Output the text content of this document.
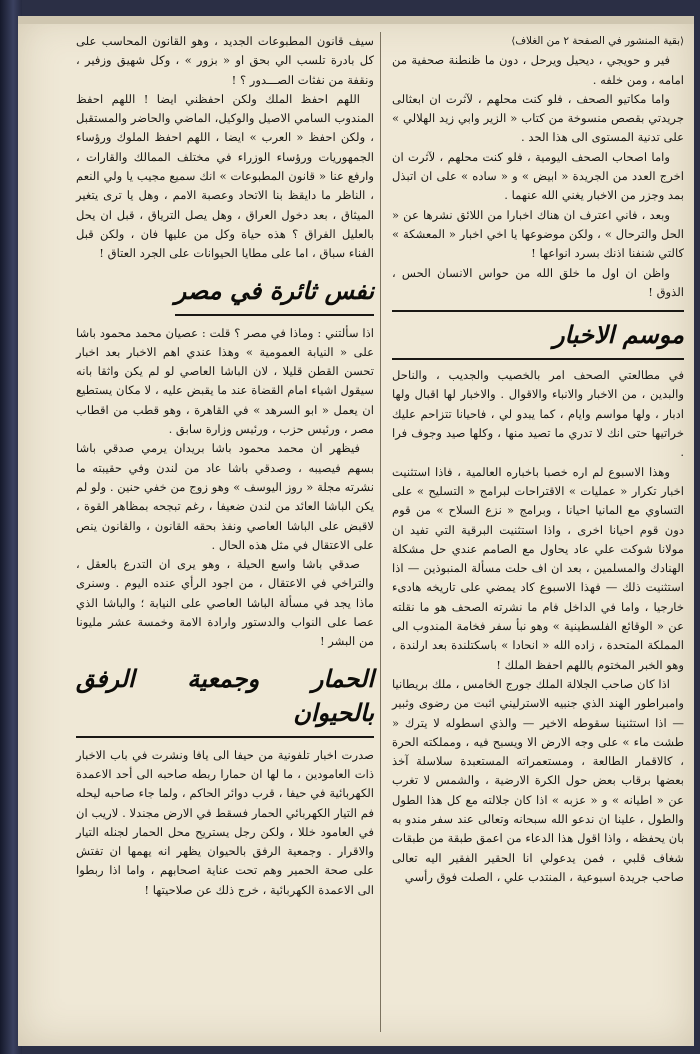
⟨بقية المنشور في الصفحة ٢ من الغلاف⟩

فير و حويجي ، ديحيل ويرحل ، دون ما ظنطنة صحفية من امامه ، ومن خلفه .

واما مكاتيو الصحف ، فلو كنت محلهم ، لآثرت ان ابعثالى جريدتي بقصص منسوخة من كتاب « الزير وابي زيد الهلالي » على تدنية المستوى الى هذا الحد .

واما اصحاب الصحف اليومية ، فلو كنت محلهم ، لآثرت ان اخرج العدد من الجريدة « ابيض » و « ساده » على ان اتبذل بمد وجزر من الاخبار يغني الله عنهما .

وبعد ، فاني اعترف ان هناك اخبارا من اللائق نشرها عن « الحل والترحال » ، ولكن موضوعها يا اخي اخبار « المعشكة » كالتي شنفنا اذنك بسرد انواعها !

واظن ان اول ما خلق الله من حواس الانسان الحس ، الذوق !

موسم الاخبار

في مطالعتي الصحف امر بالخصيب والجديب ، والناحل والبدين ، من الاخبار والانباء والاقوال . والاخبار لها اقبال ولها ادبار ، ولها مواسم وايام ، كما يبدو لي ، فاحيانا تتزاحم عليك خراتيها حتى انك لا تدري ما تصيد منها ، وكلها صيد وجوف فرا .

وهذا الاسبوع لم اره خصبا باخباره العالمية ، فاذا استثنيت اخبار تكرار « عمليات » الاقتراحات لبرامج « التسليح » على التساوي مع المانيا احيانا ، وبرامج « نزع السلاح » من قوم دون قوم احيانا اخرى ، واذا استثنيت البرقية التي تفيد ان مولانا شوكت علي عاد يحاول مع الصامم عندي حل مشكلة الهنادك والمسلمين ، بعد ان اف حلت مسألة المنبوذين — اذا استثنيت ذلك — فهذا الاسبوع كاد يمضي على تاريخه هادىء خارجيا ، واما في الداخل فام ما نشرته الصحف هو ما نقلته عن « الوقائع الفلسطينية » وهو نبأ سفر فخامة المندوب الى المملكة المتحدة ، زاده الله « انحادا » باسكتلندة بعد ارلندة ، وهو الخبر المختوم باللهم احفظ الملك !

اذا كان صاحب الجلالة الملك جورج الخامس ، ملك بريطانيا وامبراطور الهند الذي جنبيه الاسترليني اثبت من رضوى وثبير — اذا استثنينا سقوطه الاخير — والذي اسطوله لا يترك « طشت ماء » على وجه الارض الا ويسبح فيه ، ومملكته الحرة ، كالاقمار الطالعة ، ومستعمراته المستعبدة سلاسلة آخذ بعضها برقاب بعض حول الكرة الارضية ، والشمس لا تغرب عن « اطيانه » و « عزبه » اذا كان جلالته مع كل هذا الطول والطول ، علينا ان ندعو الله سبحانه وتعالى عند سفر مندو به بان يحفظه ، واذا اقول هذا الدعاء من اعمق طبقة من طبقات شغاف قلبي ، فمن يدعولي انا الحقير الفقير اليه تعالى صاحب جريدة اسبوعية ، المنتدب علي ، الصلت فوق رأسي

سيف قانون المطبوعات الجديد ، وهو القانون المحاسب على كل بادرة تلسب الي بحق او « بزور » ، وكل شهيق وزفير ، ونقفة من نفثات الصـــدور ؟ !

اللهم احفظ الملك ولكن احفظني ايضا ! اللهم احفظ المندوب السامي الاصيل والوكيل، الماضي والحاضر والمستقبل ، ولكن احفظ « العرب » ايضا ، اللهم احفظ الملوك ورؤساء الجمهوريات ورؤساء الوزراء في مختلف الممالك والقارات ، وارفع عنا « قانون المطبوعات » انك سميع مجيب يا ولي النعم ، الناظر ما دايقظ بنا الاتحاد وعصبة الامم ، وهل يا ترى يتغير الميثاق ، بعد دخول العراق ، وهل يصل الترياق ، قبل ان يحل بالعليل الفراق ؟ هذه حياة وكل من عليها فان ، ولكن قبل الفناء سباق ، اما على مطايا الحيوانات على الجرد العتاق !

نفس ثائرة في مصر

اذا سألتني : وماذا في مصر ؟ قلت : عصيان محمد محمود باشا على « النيابة العمومية » وهذا عندي اهم الاخبار بعد اخبار تحسن القطن قليلا ، لان الباشا العاصي لو لم يكن واثقا بانه سيقول اشياء امام القضاة عند ما يقبض عليه ، لا مكان يستطيع ان يعمل « ابو السرهد » في القاهرة ، وهو قطب من اقطاب مصر ، ورئيس حزب ، ورئيس وزارة سابق .

فيظهر ان محمد محمود باشا بريدان يرمي صدقي باشا بسهم فيصيبه ، وصدقي باشا عاد من لندن وفي حقيبته ما نشرته مجلة « روز اليوسف » وهو زوج من خفي حنين . ولو لم يكن الباشا العائد من لندن ضعيفا ، رغم تبجحه بمظاهر القوة ، لاقبض على الباشا العاصي ونفذ بحقه القانون ، والقانون ينص على الاعتقال في مثل هذه الحال .

صدقي باشا واسع الحيلة ، وهو يرى ان التدرع بالعقل ، والتراخي في الاعتقال ، من اجود الرأي عنده اليوم . وسنرى ماذا يجد في مسألة الباشا العاصي على النيابة ؛ والباشا الذي عصا على النواب والدستور وارادة الامة وخمسة عشر مليونا من البشر !

الحمار وجمعية الرفق بالحيوان

صدرت اخبار تلفونية من حيفا الى يافا ونشرت في باب الاخبار ذات العامودين ، ما لها ان حمارا ربطه صاحبه الى أحد الاعمدة الكهربائية في حيفا ، قرب دوائر الحاكم ، ولما جاء صاحبه ليحله فم التيار الكهربائي الحمار فسقط في الارض مجندلا . لاريب ان في العامود خللا ، ولكن رجل يستريح محل الحمار لجنله التيار والاقرار . وجمعية الرفق بالحيوان يظهر انه يهمها ان تفتش على صحة الحمير وهم تحت عناية اصحابهم ، واما اذا ربطوا الى الاعمدة الكهربائية ، خرج ذلك عن صلاحيتها !
